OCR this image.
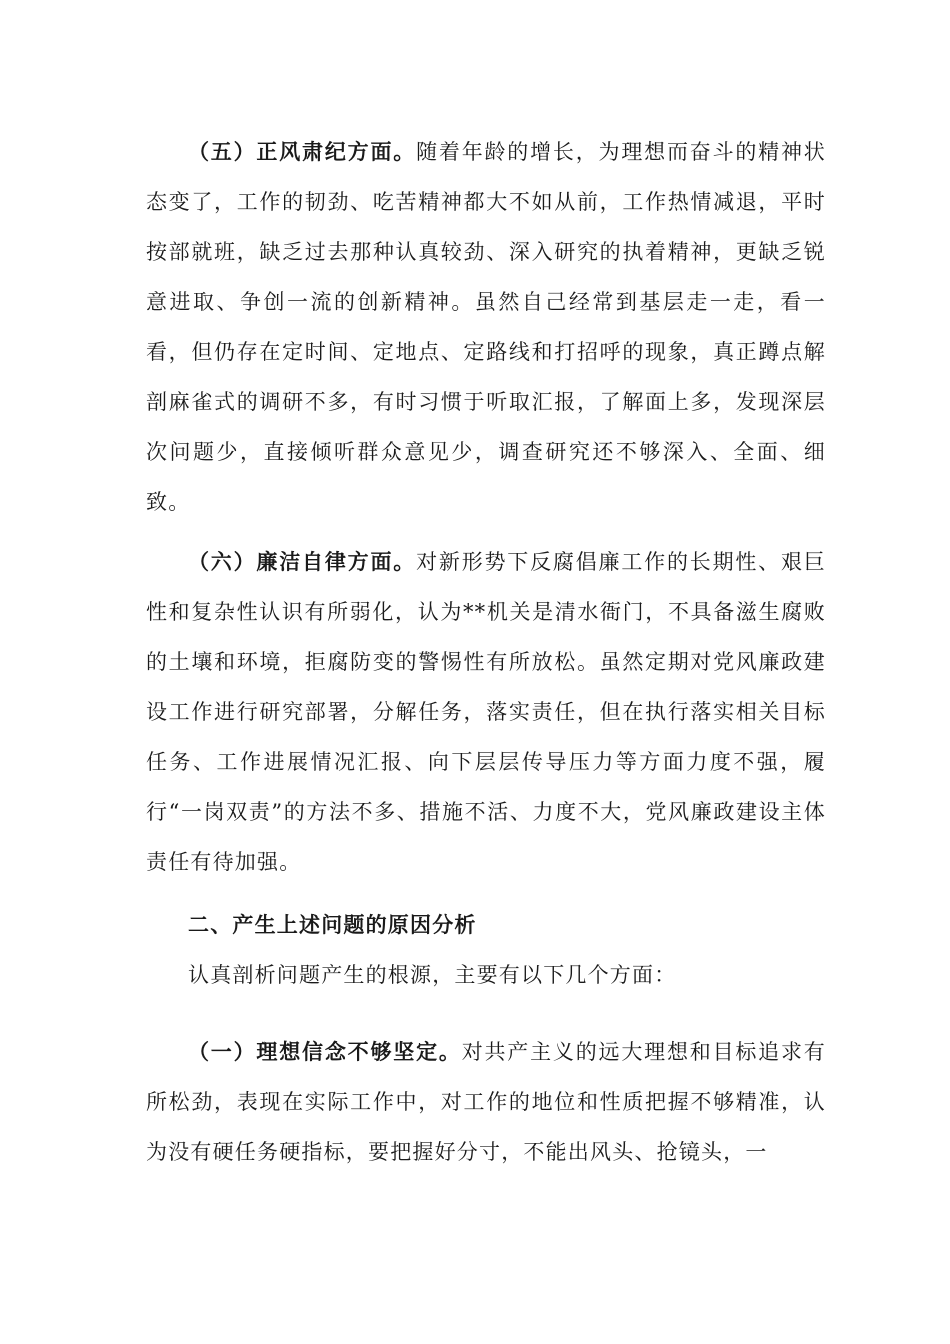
（五）正风肃纪方面。随着年龄的增长，为理想而奋斗的精神状态变了，工作的韧劲、吃苦精神都大不如从前，工作热情减退，平时按部就班，缺乏过去那种认真较劲、深入研究的执着精神，更缺乏锐意进取、争创一流的创新精神。虽然自己经常到基层走一走，看一看，但仍存在定时间、定地点、定路线和打招呼的现象，真正蹲点解剖麻雀式的调研不多，有时习惯于听取汇报，了解面上多，发现深层次问题少，直接倾听群众意见少，调查研究还不够深入、全面、细致。

（六）廉洁自律方面。对新形势下反腐倡廉工作的长期性、艰巨性和复杂性认识有所弱化，认为**机关是清水衙门，不具备滋生腐败的土壤和环境，拒腐防变的警惕性有所放松。虽然定期对党风廉政建设工作进行研究部署，分解任务，落实责任，但在执行落实相关目标任务、工作进展情况汇报、向下层层传导压力等方面力度不强，履行“一岗双责”的方法不多、措施不活、力度不大，党风廉政建设主体责任有待加强。

二、产生上述问题的原因分析

认真剖析问题产生的根源，主要有以下几个方面：

（一）理想信念不够坚定。对共产主义的远大理想和目标追求有所松劲，表现在实际工作中，对工作的地位和性质把握不够精准，认为没有硬任务硬指标，要把握好分寸，不能出风头、抢镜头，一
